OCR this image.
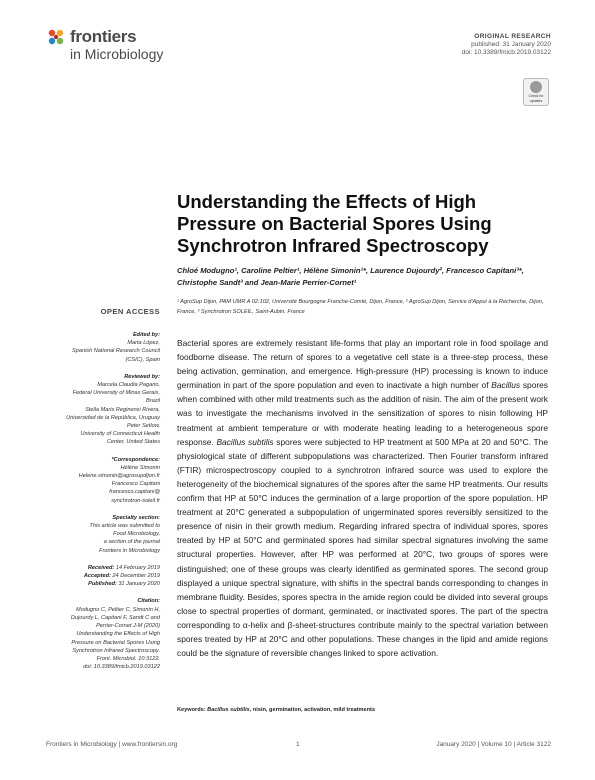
frontiers
in Microbiology
ORIGINAL RESEARCH
published: 31 January 2020
doi: 10.3389/fmicb.2019.03122
Check for
updates
Understanding the Effects of High Pressure on Bacterial Spores Using Synchrotron Infrared Spectroscopy
Chloé Modugno¹, Caroline Peltier¹, Hélène Simonin¹*, Laurence Dujourdy², Francesco Capitani³*, Christophe Sandt³ and Jean-Marie Perrier-Cornet¹
¹ AgroSup Dijon, PAM UMR A 02.102, Université Bourgogne Franche-Comté, Dijon, France, ² AgroSup Dijon, Service d'Appui à la Recherche, Dijon, France, ³ Synchrotron SOLEIL, Saint-Aubin, France
OPEN ACCESS
Edited by:
Marta López,
Spanish National Research Council
(CSIC), Spain
Reviewed by:
Marcela Claudia Pagano,
Federal University of Minas Gerais,
Brazil
Stella Maris Reginensi Rivera,
Universidad de la República, Uruguay
Peter Setlow,
University of Connecticut Health
Center, United States
*Correspondence:
Hélène Simonin
Helene.simonin@agrosupdijon.fr
Francesco Capitani
francesco.capitani@
synchrotron-soleil.fr
Specialty section:
This article was submitted to
Food Microbiology,
a section of the journal
Frontiers in Microbiology
Received: 14 February 2019
Accepted: 24 December 2019
Published: 31 January 2020
Citation:
Modugno C, Peltier C, Simonin H,
Dujourdy L, Capitani F, Sandt C and
Perrier-Cornet J-M (2020)
Understanding the Effects of High
Pressure on Bacterial Spores Using
Synchrotron Infrared Spectroscopy.
Front. Microbiol. 10:3122.
doi: 10.3389/fmicb.2019.03122

Bacterial spores are extremely resistant life-forms that play an important role in food spoilage and foodborne disease. The return of spores to a vegetative cell state is a three-step process, these being activation, germination, and emergence. High-pressure (HP) processing is known to induce germination in part of the spore population and even to inactivate a high number of Bacillus spores when combined with other mild treatments such as the addition of nisin. The aim of the present work was to investigate the mechanisms involved in the sensitization of spores to nisin following HP treatment at ambient temperature or with moderate heating leading to a heterogeneous spore response. Bacillus subtilis spores were subjected to HP treatment at 500 MPa at 20 and 50°C. The physiological state of different subpopulations was characterized. Then Fourier transform infrared (FTIR) microspectroscopy coupled to a synchrotron infrared source was used to explore the heterogeneity of the biochemical signatures of the spores after the same HP treatments. Our results confirm that HP at 50°C induces the germination of a large proportion of the spore population. HP treatment at 20°C generated a subpopulation of ungerminated spores reversibly sensitized to the presence of nisin in their growth medium. Regarding infrared spectra of individual spores, spores treated by HP at 50°C and germinated spores had similar spectral signatures involving the same structural properties. However, after HP was performed at 20°C, two groups of spores were distinguished; one of these groups was clearly identified as germinated spores. The second group displayed a unique spectral signature, with shifts in the spectral bands corresponding to changes in membrane fluidity. Besides, spores spectra in the amide region could be divided into several groups close to spectral properties of dormant, germinated, or inactivated spores. The part of the spectra corresponding to α-helix and β-sheet-structures contribute mainly to the spectral variation between spores treated by HP at 20°C and other populations. These changes in the lipid and amide regions could be the signature of reversible changes linked to spore activation.

Keywords: Bacillus subtilis, nisin, germination, activation, mild treatments
Frontiers in Microbiology | www.frontiersin.org	1	January 2020 | Volume 10 | Article 3122
